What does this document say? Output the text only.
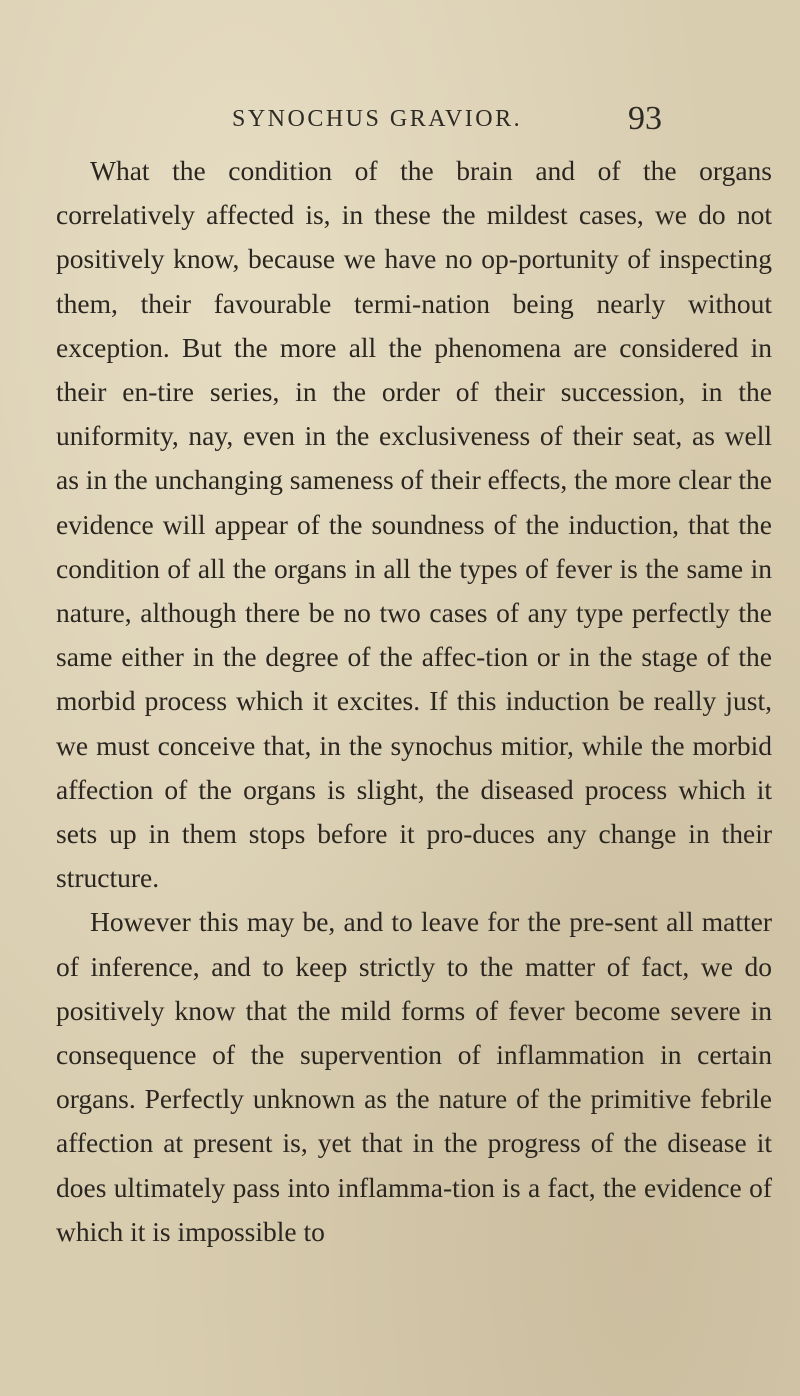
SYNOCHUS GRAVIOR.	93

What the condition of the brain and of the organs correlatively affected is, in these the mildest cases, we do not positively know, because we have no op-portunity of inspecting them, their favourable termi-nation being nearly without exception. But the more all the phenomena are considered in their en-tire series, in the order of their succession, in the uniformity, nay, even in the exclusiveness of their seat, as well as in the unchanging sameness of their effects, the more clear the evidence will appear of the soundness of the induction, that the condition of all the organs in all the types of fever is the same in nature, although there be no two cases of any type perfectly the same either in the degree of the affec-tion or in the stage of the morbid process which it excites. If this induction be really just, we must conceive that, in the synochus mitior, while the morbid affection of the organs is slight, the diseased process which it sets up in them stops before it pro-duces any change in their structure.

However this may be, and to leave for the pre-sent all matter of inference, and to keep strictly to the matter of fact, we do positively know that the mild forms of fever become severe in consequence of the supervention of inflammation in certain organs. Perfectly unknown as the nature of the primitive febrile affection at present is, yet that in the progress of the disease it does ultimately pass into inflamma-tion is a fact, the evidence of which it is impossible to
